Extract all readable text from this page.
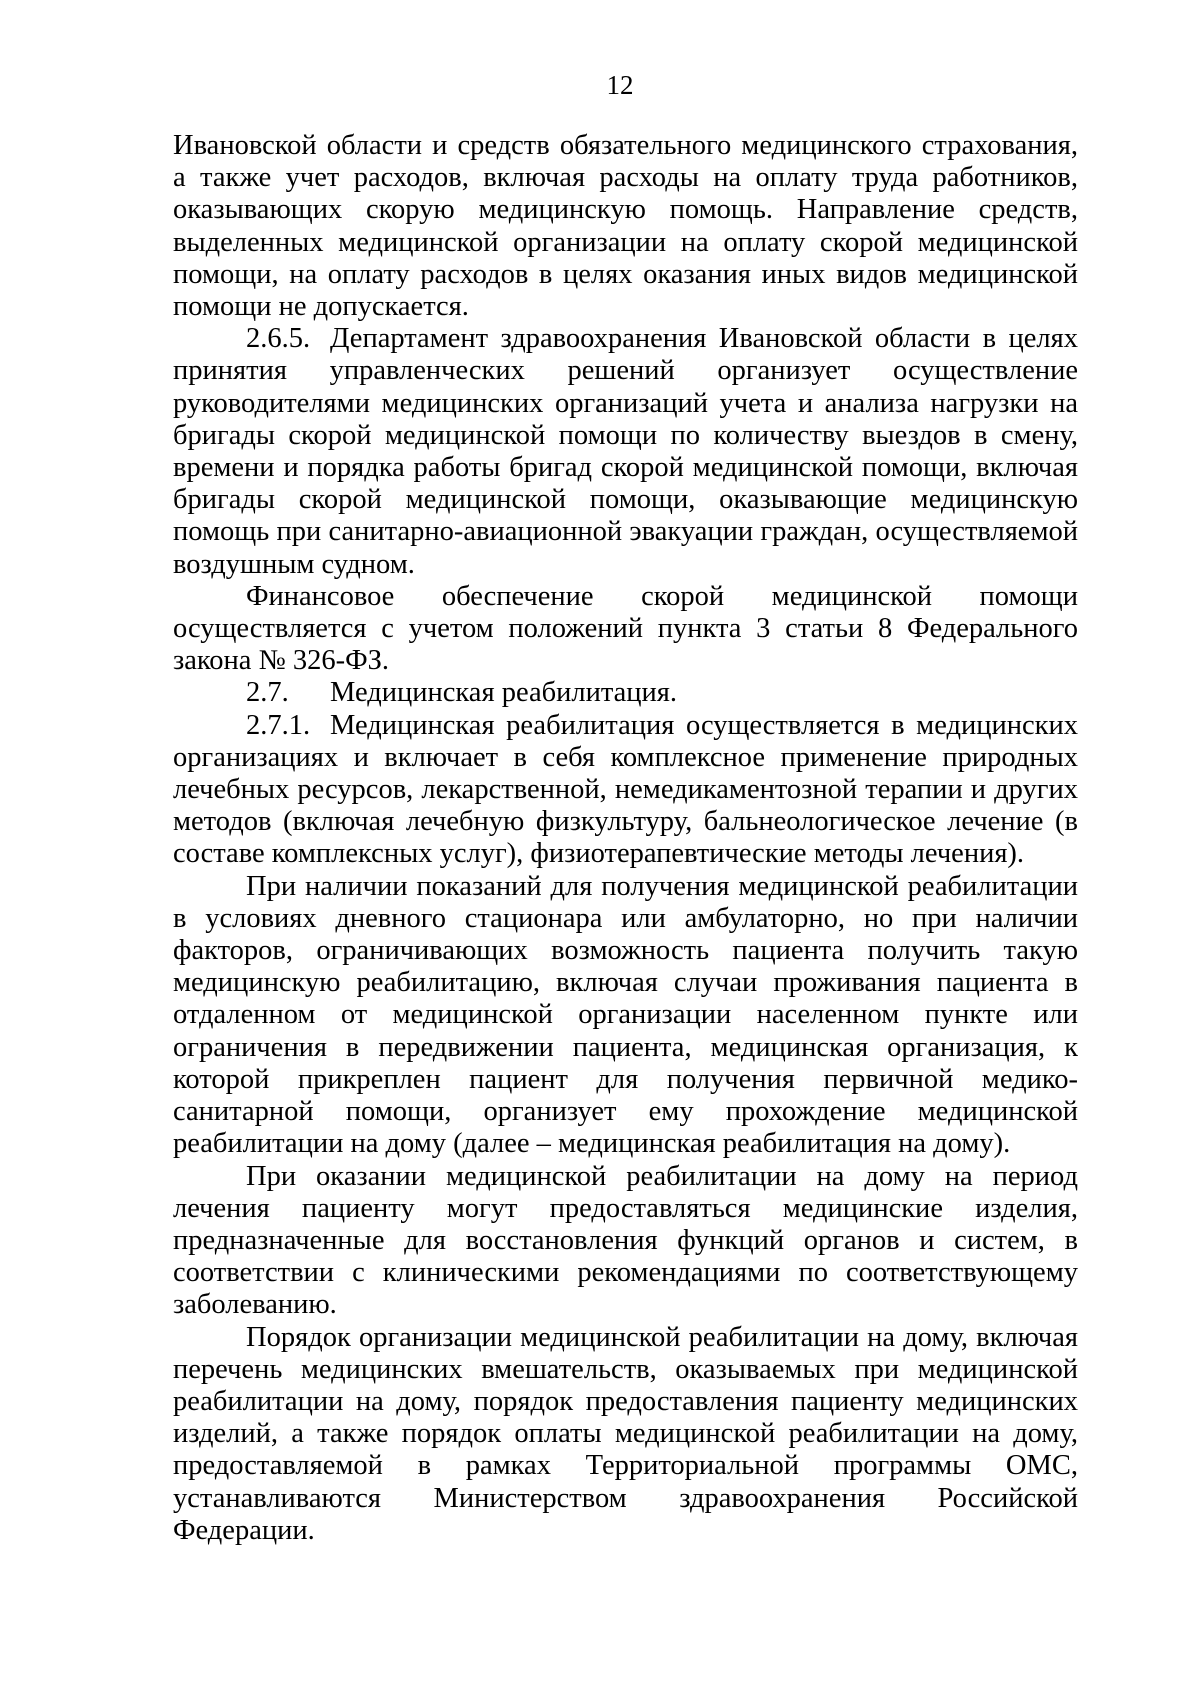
12

Ивановской области и средств обязательного медицинского страхования, а также учет расходов, включая расходы на оплату труда работников, оказывающих скорую медицинскую помощь. Направление средств, выделенных медицинской организации на оплату скорой медицинской помощи, на оплату расходов в целях оказания иных видов медицинской помощи не допускается.

2.6.5. Департамент здравоохранения Ивановской области в целях принятия управленческих решений организует осуществление руководителями медицинских организаций учета и анализа нагрузки на бригады скорой медицинской помощи по количеству выездов в смену, времени и порядка работы бригад скорой медицинской помощи, включая бригады скорой медицинской помощи, оказывающие медицинскую помощь при санитарно-авиационной эвакуации граждан, осуществляемой воздушным судном.

Финансовое обеспечение скорой медицинской помощи осуществляется с учетом положений пункта 3 статьи 8 Федерального закона № 326-ФЗ.

2.7. Медицинская реабилитация.

2.7.1. Медицинская реабилитация осуществляется в медицинских организациях и включает в себя комплексное применение природных лечебных ресурсов, лекарственной, немедикаментозной терапии и других методов (включая лечебную физкультуру, бальнеологическое лечение (в составе комплексных услуг), физиотерапевтические методы лечения).

При наличии показаний для получения медицинской реабилитации в условиях дневного стационара или амбулаторно, но при наличии факторов, ограничивающих возможность пациента получить такую медицинскую реабилитацию, включая случаи проживания пациента в отдаленном от медицинской организации населенном пункте или ограничения в передвижении пациента, медицинская организация, к которой прикреплен пациент для получения первичной медико-санитарной помощи, организует ему прохождение медицинской реабилитации на дому (далее – медицинская реабилитация на дому).

При оказании медицинской реабилитации на дому на период лечения пациенту могут предоставляться медицинские изделия, предназначенные для восстановления функций органов и систем, в соответствии с клиническими рекомендациями по соответствующему заболеванию.

Порядок организации медицинской реабилитации на дому, включая перечень медицинских вмешательств, оказываемых при медицинской реабилитации на дому, порядок предоставления пациенту медицинских изделий, а также порядок оплаты медицинской реабилитации на дому, предоставляемой в рамках Территориальной программы ОМС, устанавливаются Министерством здравоохранения Российской Федерации.
